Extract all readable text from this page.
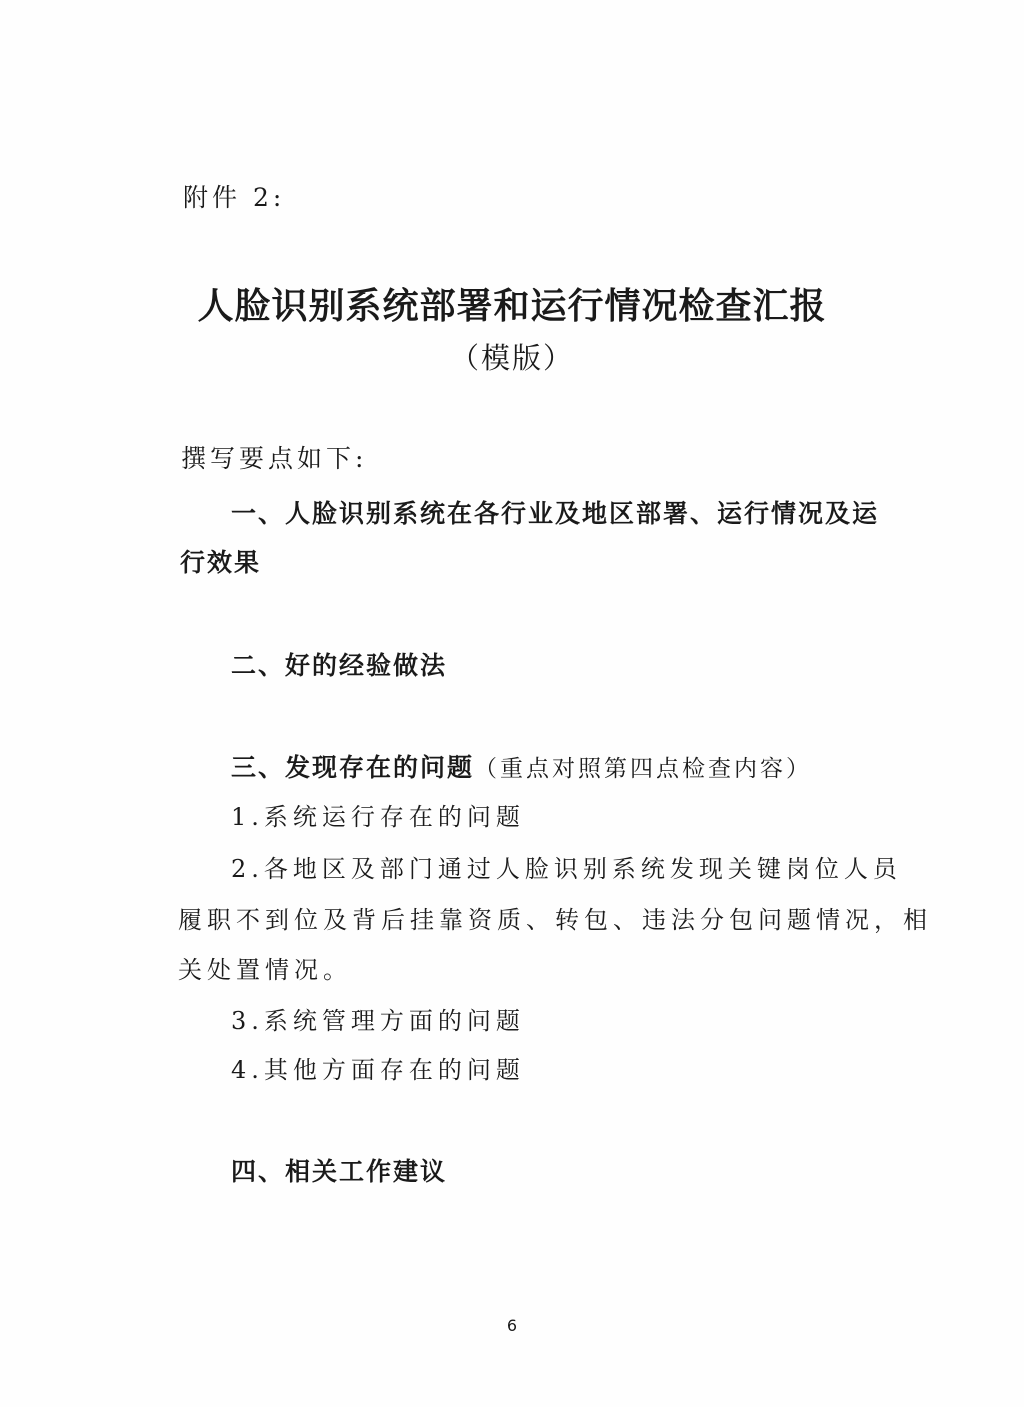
附件 2:
人脸识别系统部署和运行情况检查汇报
（模版）
撰写要点如下:
一、人脸识别系统在各行业及地区部署、运行情况及运
行效果
二、好的经验做法
三、发现存在的问题（重点对照第四点检查内容）
1.系统运行存在的问题
2.各地区及部门通过人脸识别系统发现关键岗位人员
履职不到位及背后挂靠资质、转包、违法分包问题情况，相
关处置情况。
3.系统管理方面的问题
4.其他方面存在的问题
四、相关工作建议
6
